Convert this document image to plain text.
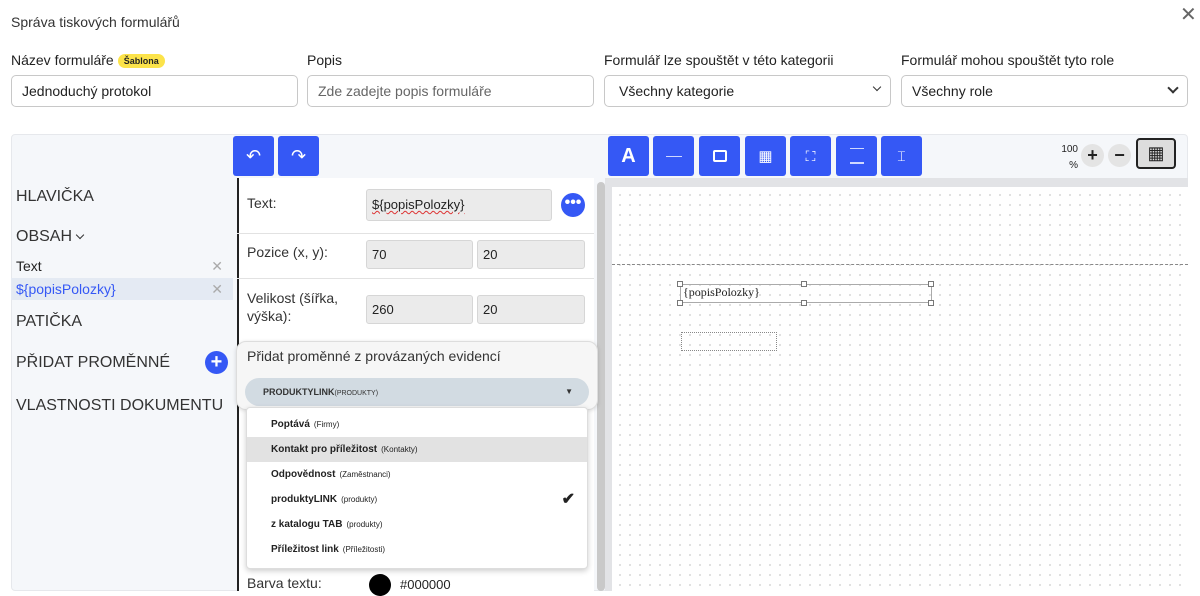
Správa tiskových formulářů	✕
Název formuláře Šablona	Popis	Formulář lze spouštět v této kategorii	Formulář mohou spouštět tyto role
Jednoduchý protokol	Zde zadejte popis formuláře	Všechny kategorie	Všechny role
↶	↷	A	▦ ⛶	⌶	100
%
+ −	▦
HLAVIČKA
OBSAH
Text	✕
${popisPolozky}	✕
PATIČKA
PŘIDAT PROMĚNNÉ +
VLASTNOSTI DOKUMENTU
Text:	${popisPolozky}	•••
Pozice (x, y):	70	20
Velikost (šířka, výška):	260	20
Barva textu:	#000000
{popisPolozky}
Přidat proměnné z provázaných evidencí
PRODUKTYLINK(PRODUKTY)	▼
Poptává (Firmy)
Kontakt pro příležitost (Kontakty)
Odpovědnost (Zaměstnanci)
produktyLINK (produkty)	✔
z katalogu TAB (produkty)
Příležitost link (Příležitosti)
